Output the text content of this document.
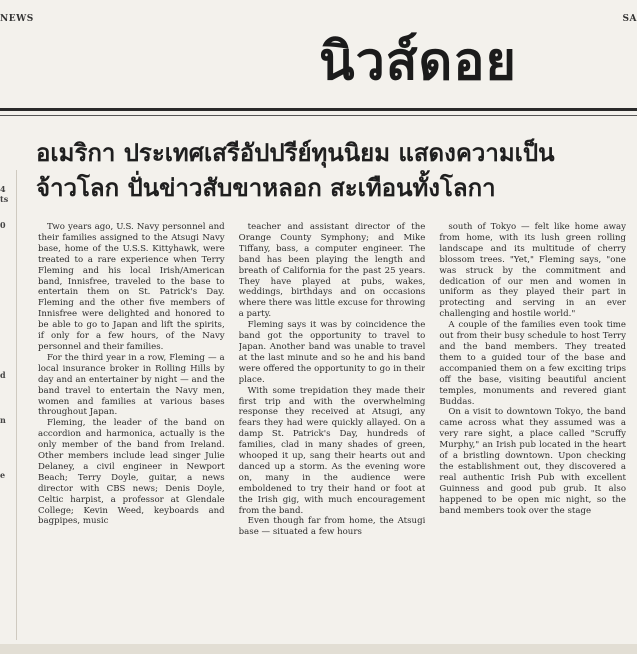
NEWS	SA
นิวส์ดอย
อเมริกา ประเทศเสรีอัปปรีย์ทุนนิยม แสดงความเป็น
จ้าวโลก ปั่นข่าวสับขาหลอก สะเทือนทั้งโลกา
4
ts
0
d
n
e

Two years ago, U.S. Navy personnel and their families assigned to the Atsugi Navy base, home of the U.S.S. Kittyhawk, were treated to a rare experience when Terry Fleming and his local Irish/American band, Innisfree, traveled to the base to entertain them on St. Patrick's Day. Fleming and the other five members of Innisfree were delighted and honored to be able to go to Japan and lift the spirits, if only for a few hours, of the Navy personnel and their families.

For the third year in a row, Fleming — a local insurance broker in Rolling Hills by day and an entertainer by night — and the band travel to entertain the Navy men, women and families at various bases throughout Japan.

Fleming, the leader of the band on accordion and harmonica, actually is the only member of the band from Ireland. Other members include lead singer Julie Delaney, a civil engineer in Newport Beach; Terry Doyle, guitar, a news director with CBS news; Denis Doyle, Celtic harpist, a professor at Glendale College; Kevin Weed, keyboards and bagpipes, music

teacher and assistant director of the Orange County Symphony; and Mike Tiffany, bass, a computer engineer. The band has been playing the length and breath of California for the past 25 years. They have played at pubs, wakes, weddings, birthdays and on occasions where there was little excuse for throwing a party.

Fleming says it was by coincidence the band got the opportunity to travel to Japan. Another band was unable to travel at the last minute and so he and his band were offered the opportunity to go in their place.

With some trepidation they made their first trip and with the overwhelming response they received at Atsugi, any fears they had were quickly allayed. On a damp St. Patrick's Day, hundreds of families, clad in many shades of green, whooped it up, sang their hearts out and danced up a storm. As the evening wore on, many in the audience were emboldened to try their hand or foot at the Irish gig, with much encouragement from the band.

Even though far from home, the Atsugi base — situated a few hours

south of Tokyo — felt like home away from home, with its lush green rolling landscape and its multitude of cherry blossom trees. "Yet," Fleming says, "one was struck by the commitment and dedication of our men and women in uniform as they played their part in protecting and serving in an ever challenging and hostile world."

A couple of the families even took time out from their busy schedule to host Terry and the band members. They treated them to a guided tour of the base and accompanied them on a few exciting trips off the base, visiting beautiful ancient temples, monuments and revered giant Buddas.

On a visit to downtown Tokyo, the band came across what they assumed was a very rare sight, a place called "Scruffy Murphy," an Irish pub located in the heart of a bristling downtown. Upon checking the establishment out, they discovered a real authentic Irish Pub with excellent Guinness and good pub grub. It also happened to be open mic night, so the band members took over the stage
